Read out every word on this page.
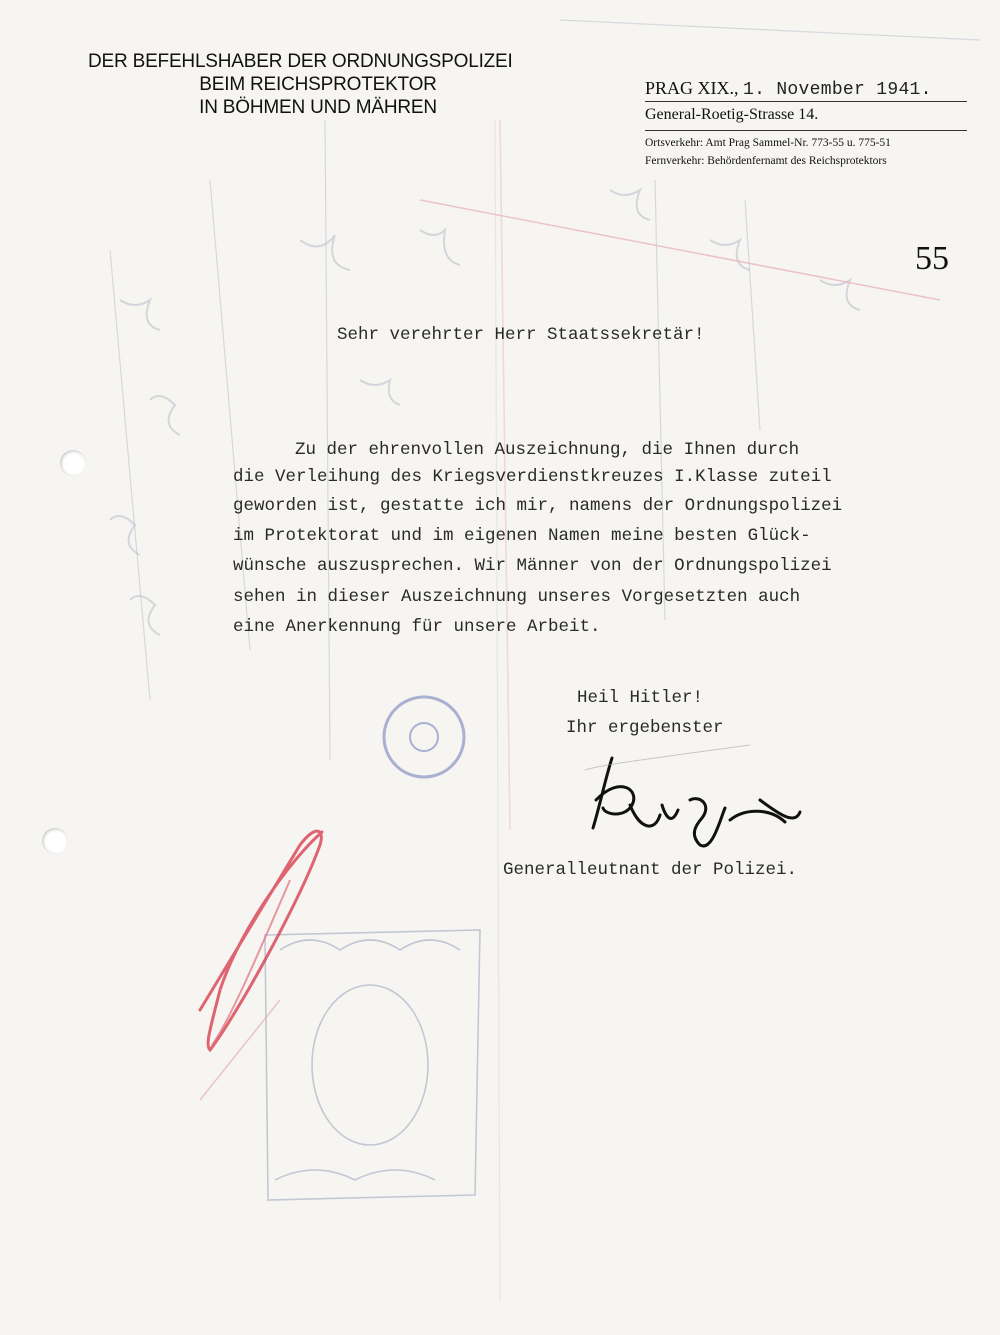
DER BEFEHLSHABER DER ORDNUNGSPOLIZEI
BEIM REICHSPROTEKTOR
IN BÖHMEN UND MÄHREN
PRAG XIX., 1. November 1941.
General-Roetig-Strasse 14.
Ortsverkehr: Amt Prag Sammel-Nr. 773-55 u. 775-51
Fernverkehr: Behördenfernamt des Reichsprotektors
55
Sehr verehrter Herr Staatssekretär!
Zu der ehrenvollen Auszeichnung, die Ihnen durch
die Verleihung des Kriegsverdienstkreuzes I.Klasse zuteil
geworden ist, gestatte ich mir, namens der Ordnungspolizei
im Protektorat und im eigenen Namen meine besten Glück-
wünsche auszusprechen. Wir Männer von der Ordnungspolizei
sehen in dieser Auszeichnung unseres Vorgesetzten auch
eine Anerkennung für unsere Arbeit.
Heil Hitler!
Ihr ergebenster
Generalleutnant der Polizei.
